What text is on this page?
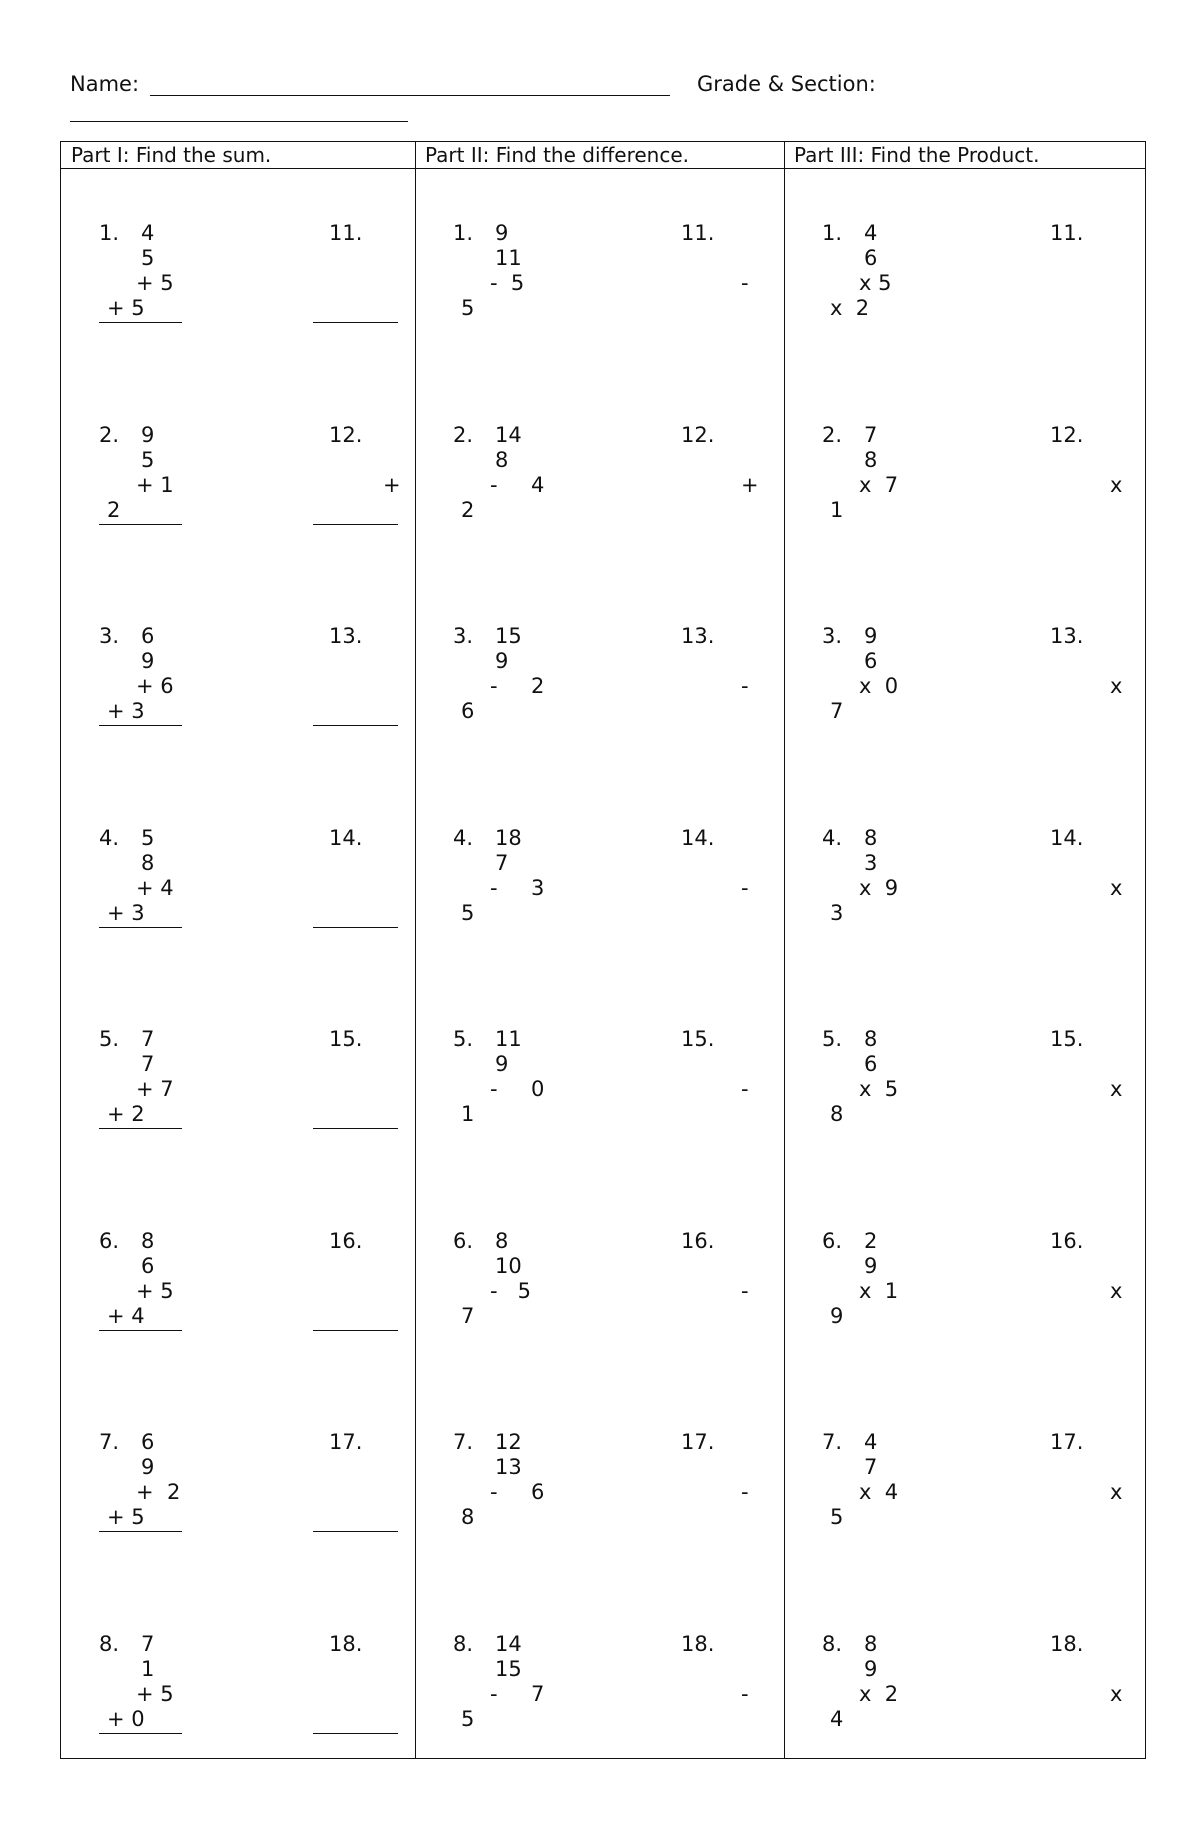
Name:	Grade & Section:
Part I: Find the sum.	Part II: Find the difference.	Part III: Find the Product.
1. 4
5
+ 5
+ 5
2. 9
5
+ 1
2
3. 6
9
+ 6
+ 3
4. 5
8
+ 4
+ 3
5. 7
7
+ 7
+ 2
6. 8
6
+ 5
+ 4
7. 6
9
+  2
+ 5
8. 7
1
+ 5
+ 0
11.
12.
+
13.
14.
15.
16.
17.
18.
1. 9
11
-  5
5
2. 14
8
-     4
2
3. 15
9
-     2
6
4. 18
7
-     3
5
5. 11
9
-     0
1
6. 8
10
-   5
7
7. 12
13
-     6
8
8. 14
15
-     7
5
11.
-
12.
+
13.
-
14.
-
15.
-
16.
-
17.
-
18.
-
1. 4
6
x 5
x  2
2. 7
8
x  7
1
3. 9
6
x  0
7
4. 8
3
x  9
3
5. 8
6
x  5
8
6. 2
9
x  1
9
7. 4
7
x  4
5
8. 8
9
x  2
4
11.
12.
x
13.
x
14.
x
15.
x
16.
x
17.
x
18.
x
